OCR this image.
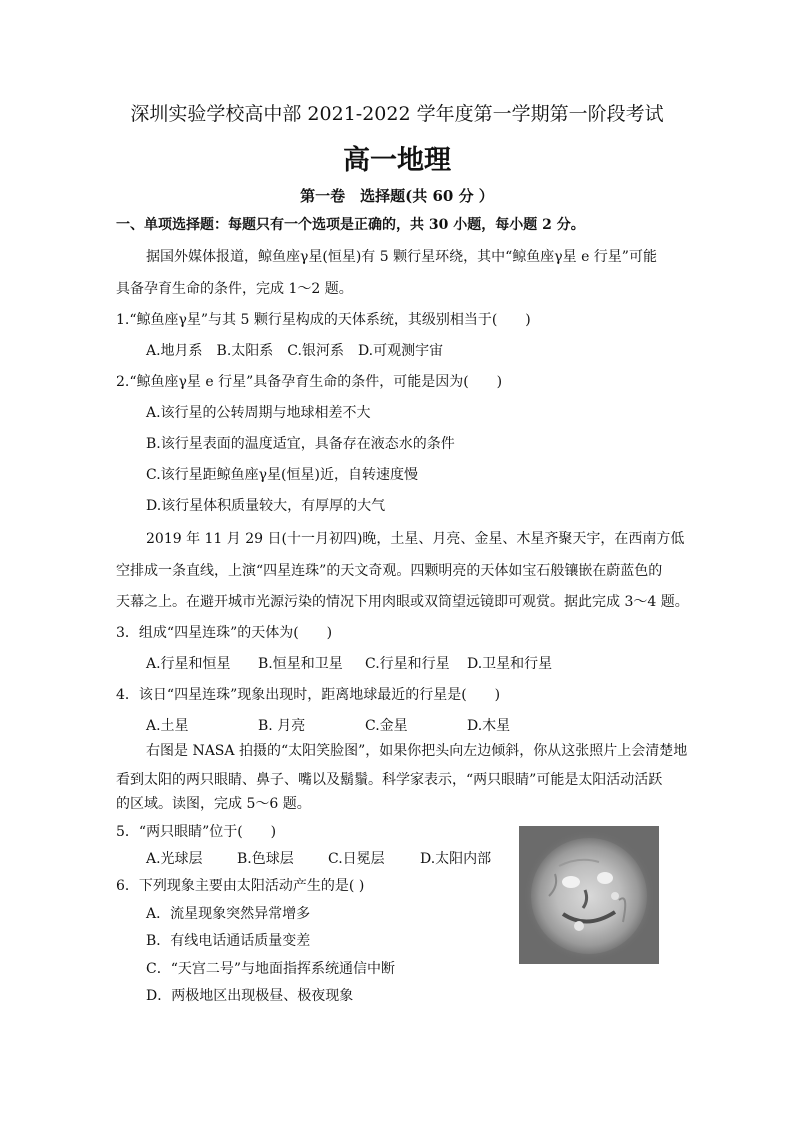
深圳实验学校高中部 2021-2022 学年度第一学期第一阶段考试
高一地理
第一卷　选择题(共 60 分 ）
一、单项选择题：每题只有一个选项是正确的，共 30 小题，每小题 2 分。
据国外媒体报道，鲸鱼座γ星(恒星)有 5 颗行星环绕，其中“鲸鱼座γ星 e 行星”可能
具备孕育生命的条件，完成 1～2 题。
1.“鲸鱼座γ星”与其 5 颗行星构成的天体系统，其级别相当于(　　)
A.地月系　B.太阳系　C.银河系　D.可观测宇宙
2.“鲸鱼座γ星 e 行星”具备孕育生命的条件，可能是因为(　　)
A.该行星的公转周期与地球相差不大
B.该行星表面的温度适宜，具备存在液态水的条件
C.该行星距鲸鱼座γ星(恒星)近，自转速度慢
D.该行星体积质量较大，有厚厚的大气
2019 年 11 月 29 日(十一月初四)晚，土星、月亮、金星、木星齐聚天宇，在西南方低
空排成一条直线，上演“四星连珠”的天文奇观。四颗明亮的天体如宝石般镶嵌在蔚蓝色的
天幕之上。在避开城市光源污染的情况下用肉眼或双筒望远镜即可观赏。据此完成 3～4 题。
3．组成“四星连珠”的天体为(　　)
A.行星和恒星 B.恒星和卫星 C.行星和行星 D.卫星和行星
4．该日“四星连珠”现象出现时，距离地球最近的行星是(　　)
A.土星	B. 月亮	C.金星	D.木星
右图是 NASA 拍摄的“太阳笑脸图”，如果你把头向左边倾斜，你从这张照片上会清楚地
看到太阳的两只眼睛、鼻子、嘴以及鬍鬚。科学家表示，“两只眼睛”可能是太阳活动活跃
的区域。读图，完成 5～6 题。
5．“两只眼睛”位于(　　)
A.光球层 B.色球层 C.日冕层	D.太阳内部
6．下列现象主要由太阳活动产生的是( )
A．流星现象突然异常增多
B．有线电话通话质量变差
C．“天宫二号”与地面指挥系统通信中断
D．两极地区出现极昼、极夜现象
